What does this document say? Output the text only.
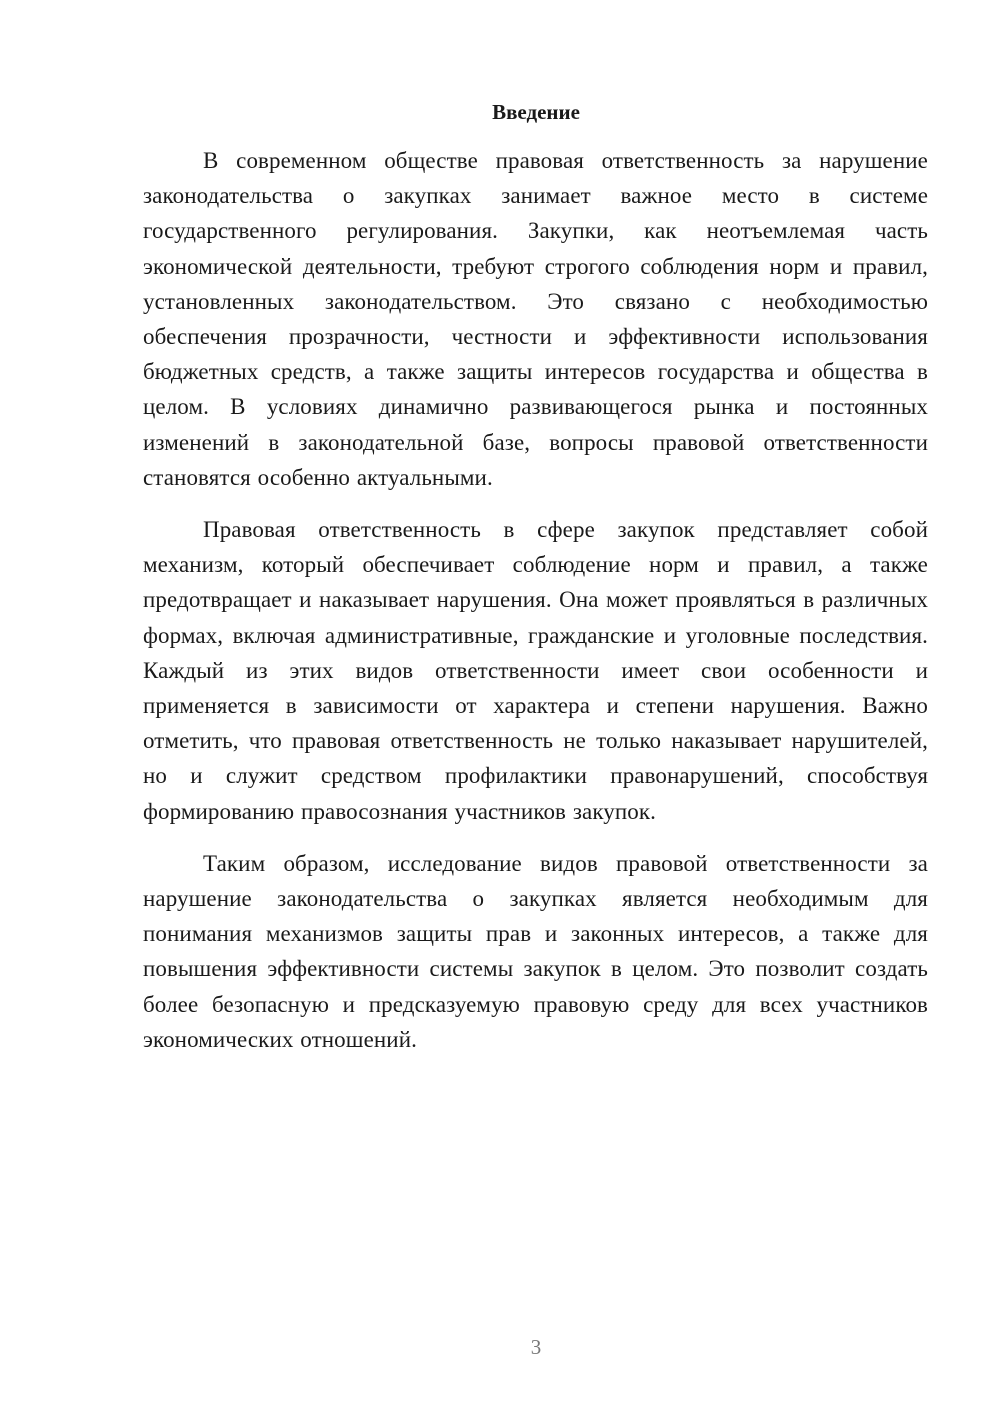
Введение

В современном обществе правовая ответственность за нарушение законодательства о закупках занимает важное место в системе государственного регулирования. Закупки, как неотъемлемая часть экономической деятельности, требуют строгого соблюдения норм и правил, установленных законодательством. Это связано с необходимостью обеспечения прозрачности, честности и эффективности использования бюджетных средств, а также защиты интересов государства и общества в целом. В условиях динамично развивающегося рынка и постоянных изменений в законодательной базе, вопросы правовой ответственности становятся особенно актуальными.

Правовая ответственность в сфере закупок представляет собой механизм, который обеспечивает соблюдение норм и правил, а также предотвращает и наказывает нарушения. Она может проявляться в различных формах, включая административные, гражданские и уголовные последствия. Каждый из этих видов ответственности имеет свои особенности и применяется в зависимости от характера и степени нарушения. Важно отметить, что правовая ответственность не только наказывает нарушителей, но и служит средством профилактики правонарушений, способствуя формированию правосознания участников закупок.

Таким образом, исследование видов правовой ответственности за нарушение законодательства о закупках является необходимым для понимания механизмов защиты прав и законных интересов, а также для повышения эффективности системы закупок в целом. Это позволит создать более безопасную и предсказуемую правовую среду для всех участников экономических отношений.

3
